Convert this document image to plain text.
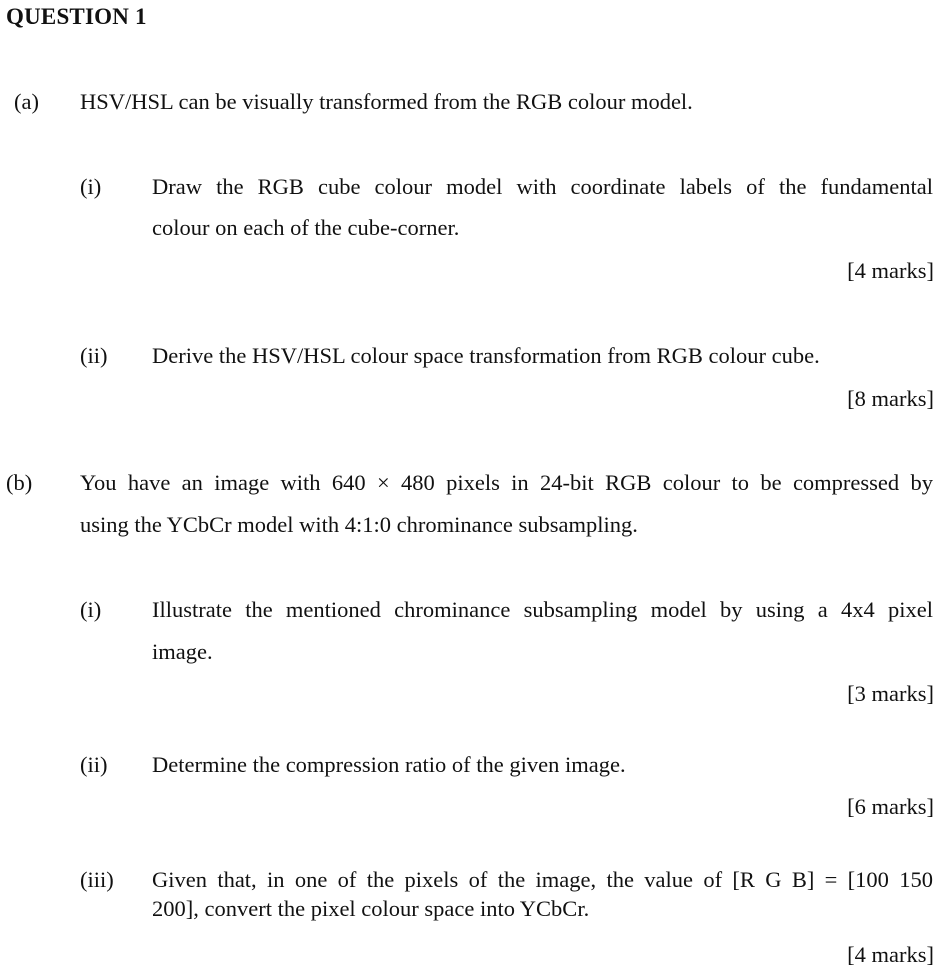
QUESTION 1
(a) HSV/HSL can be visually transformed from the RGB colour model.
(i) Draw the RGB cube colour model with coordinate labels of the fundamental
colour on each of the cube-corner.
[4 marks]
(ii) Derive the HSV/HSL colour space transformation from RGB colour cube.
[8 marks]
(b) You have an image with 640 × 480 pixels in 24-bit RGB colour to be compressed by
using the YCbCr model with 4:1:0 chrominance subsampling.
(i) Illustrate the mentioned chrominance subsampling model by using a 4x4 pixel
image.
[3 marks]
(ii) Determine the compression ratio of the given image.
[6 marks]
(iii) Given that, in one of the pixels of the image, the value of [R G B] = [100 150
200], convert the pixel colour space into YCbCr.
[4 marks]
